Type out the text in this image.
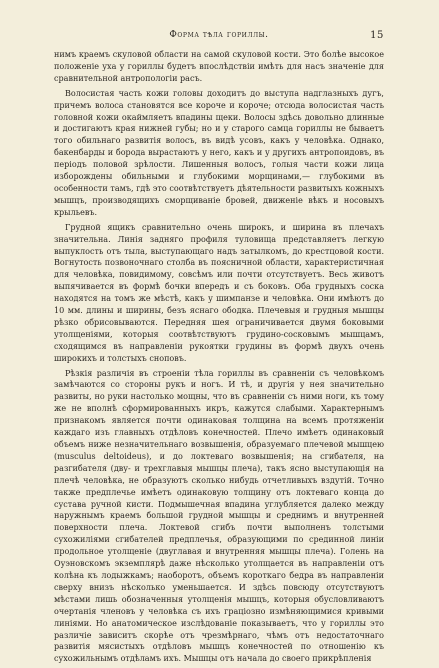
Форма тѣла гориллы.	15

нимъ краемъ скуловой области на самой скуловой кости. Это болѣе высокое положеніе уха у гориллы будетъ впослѣдствіи имѣть для насъ значеніе для сравнительной антропологіи расъ.

Волосистая часть кожи головы доходитъ до выступа надглазныхъ дугъ, причемъ волоса становятся все короче и короче; отсюда волосистая часть головной кожи окаймляетъ впадины щеки. Волосы здѣсь довольно длинные и достигаютъ края нижней губы; но и у старого самца гориллы не бываетъ того обильнаго развитія волосъ, въ видѣ усовъ, какъ у человѣка. Однако, бакенбарды и борода вырастаютъ у него, какъ и у другихъ антропоидовъ, въ періодъ половой зрѣлости. Лишенныя волосъ, голыя части кожи лица изборождены обильными и глубокими морщинами,— глубокими въ особенности тамъ, гдѣ это соотвѣтствуетъ дѣятельности развитыхъ кожныхъ мышцъ, производящихъ сморщиваніе бровей, движеніе вѣкъ и носовыхъ крыльевъ.

Грудной ящикъ сравнительно очень широкъ, и ширина въ плечахъ значительна. Линія задняго профиля туловища представляетъ легкую выпуклость отъ тыла, выступающаго надъ затылкомъ, до крестцовой кости. Вогнутость позвоночнаго столба въ поясничной области, характеристичная для человѣка, повидимому, совсѣмъ или почти отсутствуетъ. Весь животъ выпячивается въ формѣ бочки впередъ и съ боковъ. Оба грудныхъ соска находятся на томъ же мѣстѣ, какъ у шимпанзе и человѣка. Они имѣютъ до 10 мм. длины и ширины, безъ яснаго ободка. Плечевыя и грудныя мышцы рѣзко обрисовываются. Передняя шея ограничивается двумя боковыми утолщеніями, которыя соотвѣтствуютъ грудино-сосковымъ мышцамъ, сходящимся въ направленіи рукоятки грудины въ формѣ двухъ очень широкихъ и толстыхъ сноповъ.

Рѣзкія различія въ строеніи тѣла гориллы въ сравненіи съ человѣкомъ замѣчаются со стороны рукъ и ногъ. И тѣ, и другія у нея значительно развиты, но руки настолько мощны, что въ сравненіи съ ними ноги, къ тому же не вполнѣ сформированныхъ икръ, кажутся слабыми. Характернымъ признакомъ является почти одинаковая толщина на всемъ протяженіи каждаго изъ главныхъ отдѣловъ конечностей. Плечо имѣетъ одинаковый объемъ ниже незначительнаго возвышенія, образуемаго плечевой мышцею (musculus deltoideus), и до локтеваго возвышенія; на сгибателя, на разгибателя (дву- и трехглавыя мышцы плеча), такъ ясно выступающія на плечѣ человѣка, не образуютъ сколько нибудь отчетливыхъ вздутій. Точно также предплечье имѣетъ одинаковую толщину отъ локтеваго конца до сустава ручной кисти. Подмышечная впадина углубляется далеко между наружнымъ краемъ большой грудной мышцы и среднимъ и внутренней поверхности плеча. Локтевой сгибъ почти выполненъ толстыми сухожиліями сгибателей предплечья, образующими по срединной линіи продольное утолщеніе (двуглавая и внутренняя мышцы плеча). Голень на Оуэновскомъ экземплярѣ даже нѣсколько утолщается въ направленіи отъ колѣна къ лодыжкамъ; наоборотъ, объемъ короткаго бедра въ направленіи сверху внизъ нѣсколько уменьшается. И здѣсь повсюду отсутствуютъ мѣстами лишь обозначенныя утолщенія мышцъ, которыя обусловливаютъ очертанія членовъ у человѣка съ ихъ граціозно измѣняющимися кривыми линіями. Но анатомическое изслѣдованіе показываетъ, что у гориллы это различіе зависитъ скорѣе отъ чрезмѣрнаго, чѣмъ отъ недостаточнаго развитія мясистыхъ отдѣловъ мышцъ конечностей по отношенію къ сухожильнымъ отдѣламъ ихъ. Мышцы отъ начала до своего прикрѣпленія
